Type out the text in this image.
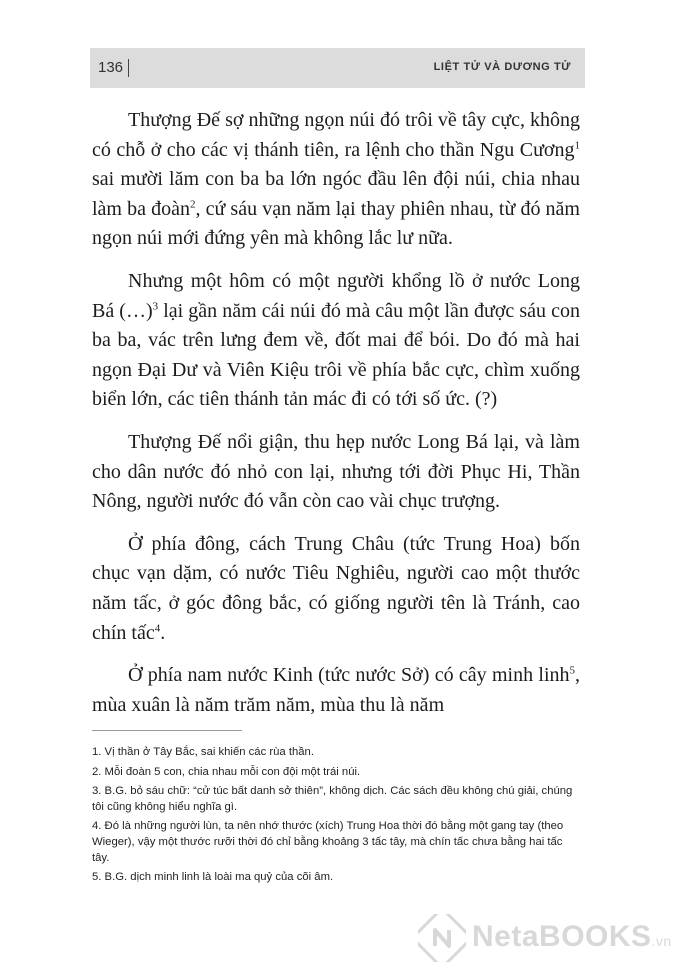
136	LIỆT TỬ VÀ DƯƠNG TỬ

Thượng Đế sợ những ngọn núi đó trôi về tây cực, không có chỗ ở cho các vị thánh tiên, ra lệnh cho thần Ngu Cương$^1$ sai mười lăm con ba ba lớn ngóc đầu lên đội núi, chia nhau làm ba đoàn$^2$, cứ sáu vạn năm lại thay phiên nhau, từ đó năm ngọn núi mới đứng yên mà không lắc lư nữa.

Nhưng một hôm có một người khổng lồ ở nước Long Bá (…)$^3$ lại gần năm cái núi đó mà câu một lần được sáu con ba ba, vác trên lưng đem về, đốt mai để bói. Do đó mà hai ngọn Đại Dư và Viên Kiệu trôi về phía bắc cực, chìm xuống biển lớn, các tiên thánh tản mác đi có tới số ức. (?)

Thượng Đế nổi giận, thu hẹp nước Long Bá lại, và làm cho dân nước đó nhỏ con lại, nhưng tới đời Phục Hi, Thần Nông, người nước đó vẫn còn cao vài chục trượng.

Ở phía đông, cách Trung Châu (tức Trung Hoa) bốn chục vạn dặm, có nước Tiêu Nghiêu, người cao một thước năm tấc, ở góc đông bắc, có giống người tên là Tránh, cao chín tấc$^4$.

Ở phía nam nước Kinh (tức nước Sở) có cây minh linh$^5$, mùa xuân là năm trăm năm, mùa thu là năm

1. Vị thần ở Tây Bắc, sai khiến các rùa thần.

2. Mỗi đoàn 5 con, chia nhau mỗi con đội một trái núi.

3. B.G. bỏ sáu chữ: “cử túc bất danh sở thiên”, không dịch. Các sách đều không chú giải, chúng tôi cũng không hiểu nghĩa gì.

4. Đó là những người lùn, ta nên nhớ thước (xích) Trung Hoa thời đó bằng một gang tay (theo Wieger), vậy một thước rưỡi thời đó chỉ bằng khoảng 3 tấc tây, mà chín tấc chưa bằng hai tấc tây.

5. B.G. dịch minh linh là loài ma quỷ của cõi âm.

NetaBOOKS.vn
